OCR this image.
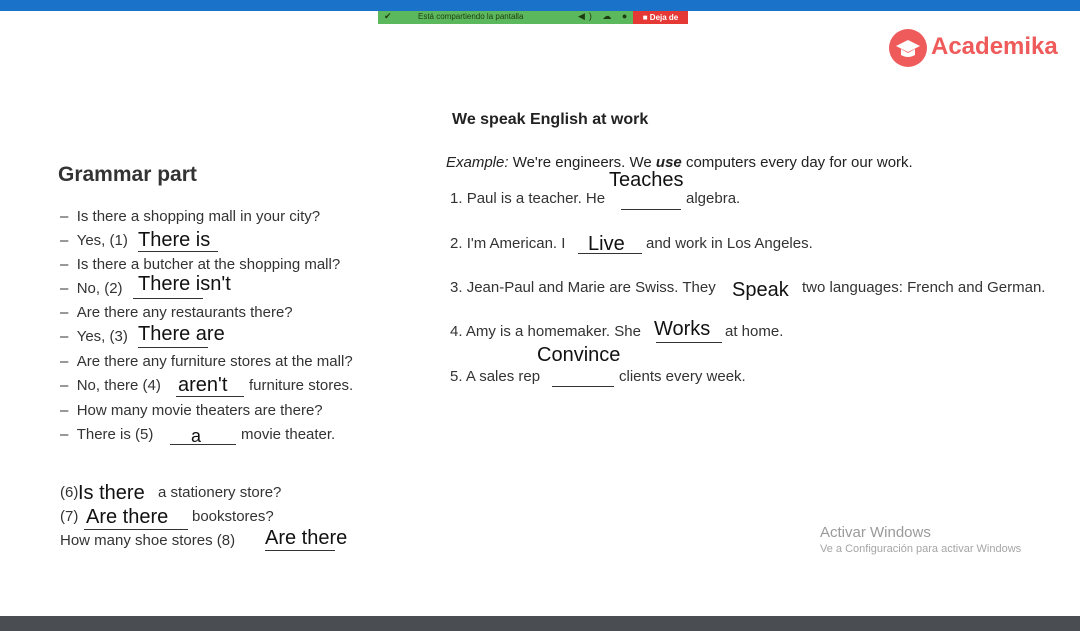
✔	Está compartiendo la pantalla	◀) ☁ ●	■ Deja de
Academika
We speak English at work
Example: We're engineers. We use computers every day for our work.
Teaches
1. Paul is a teacher. He	algebra.
2. I'm American. I Live and work in Los Angeles.
3. Jean-Paul and Marie are Swiss. They Speak two languages: French and German.
4. Amy is a homemaker. She Works at home.
Convince
5. A sales rep	clients every week.
Grammar part
–  Is there a shopping mall in your city?
–  Yes, (1) There is
–  Is there a butcher at the shopping mall?
–  No, (2) There isn't
–  Are there any restaurants there?
–  Yes, (3) There are
–  Are there any furniture stores at the mall?
–  No, there (4) aren't furniture stores.
–  How many movie theaters are there?
–  There is (5) a	movie theater.
(6) Is there a stationery store?
(7) Are there bookstores?
How many shoe stores (8) Are there	Activar Windows
Ve a Configuración para activar Windows
